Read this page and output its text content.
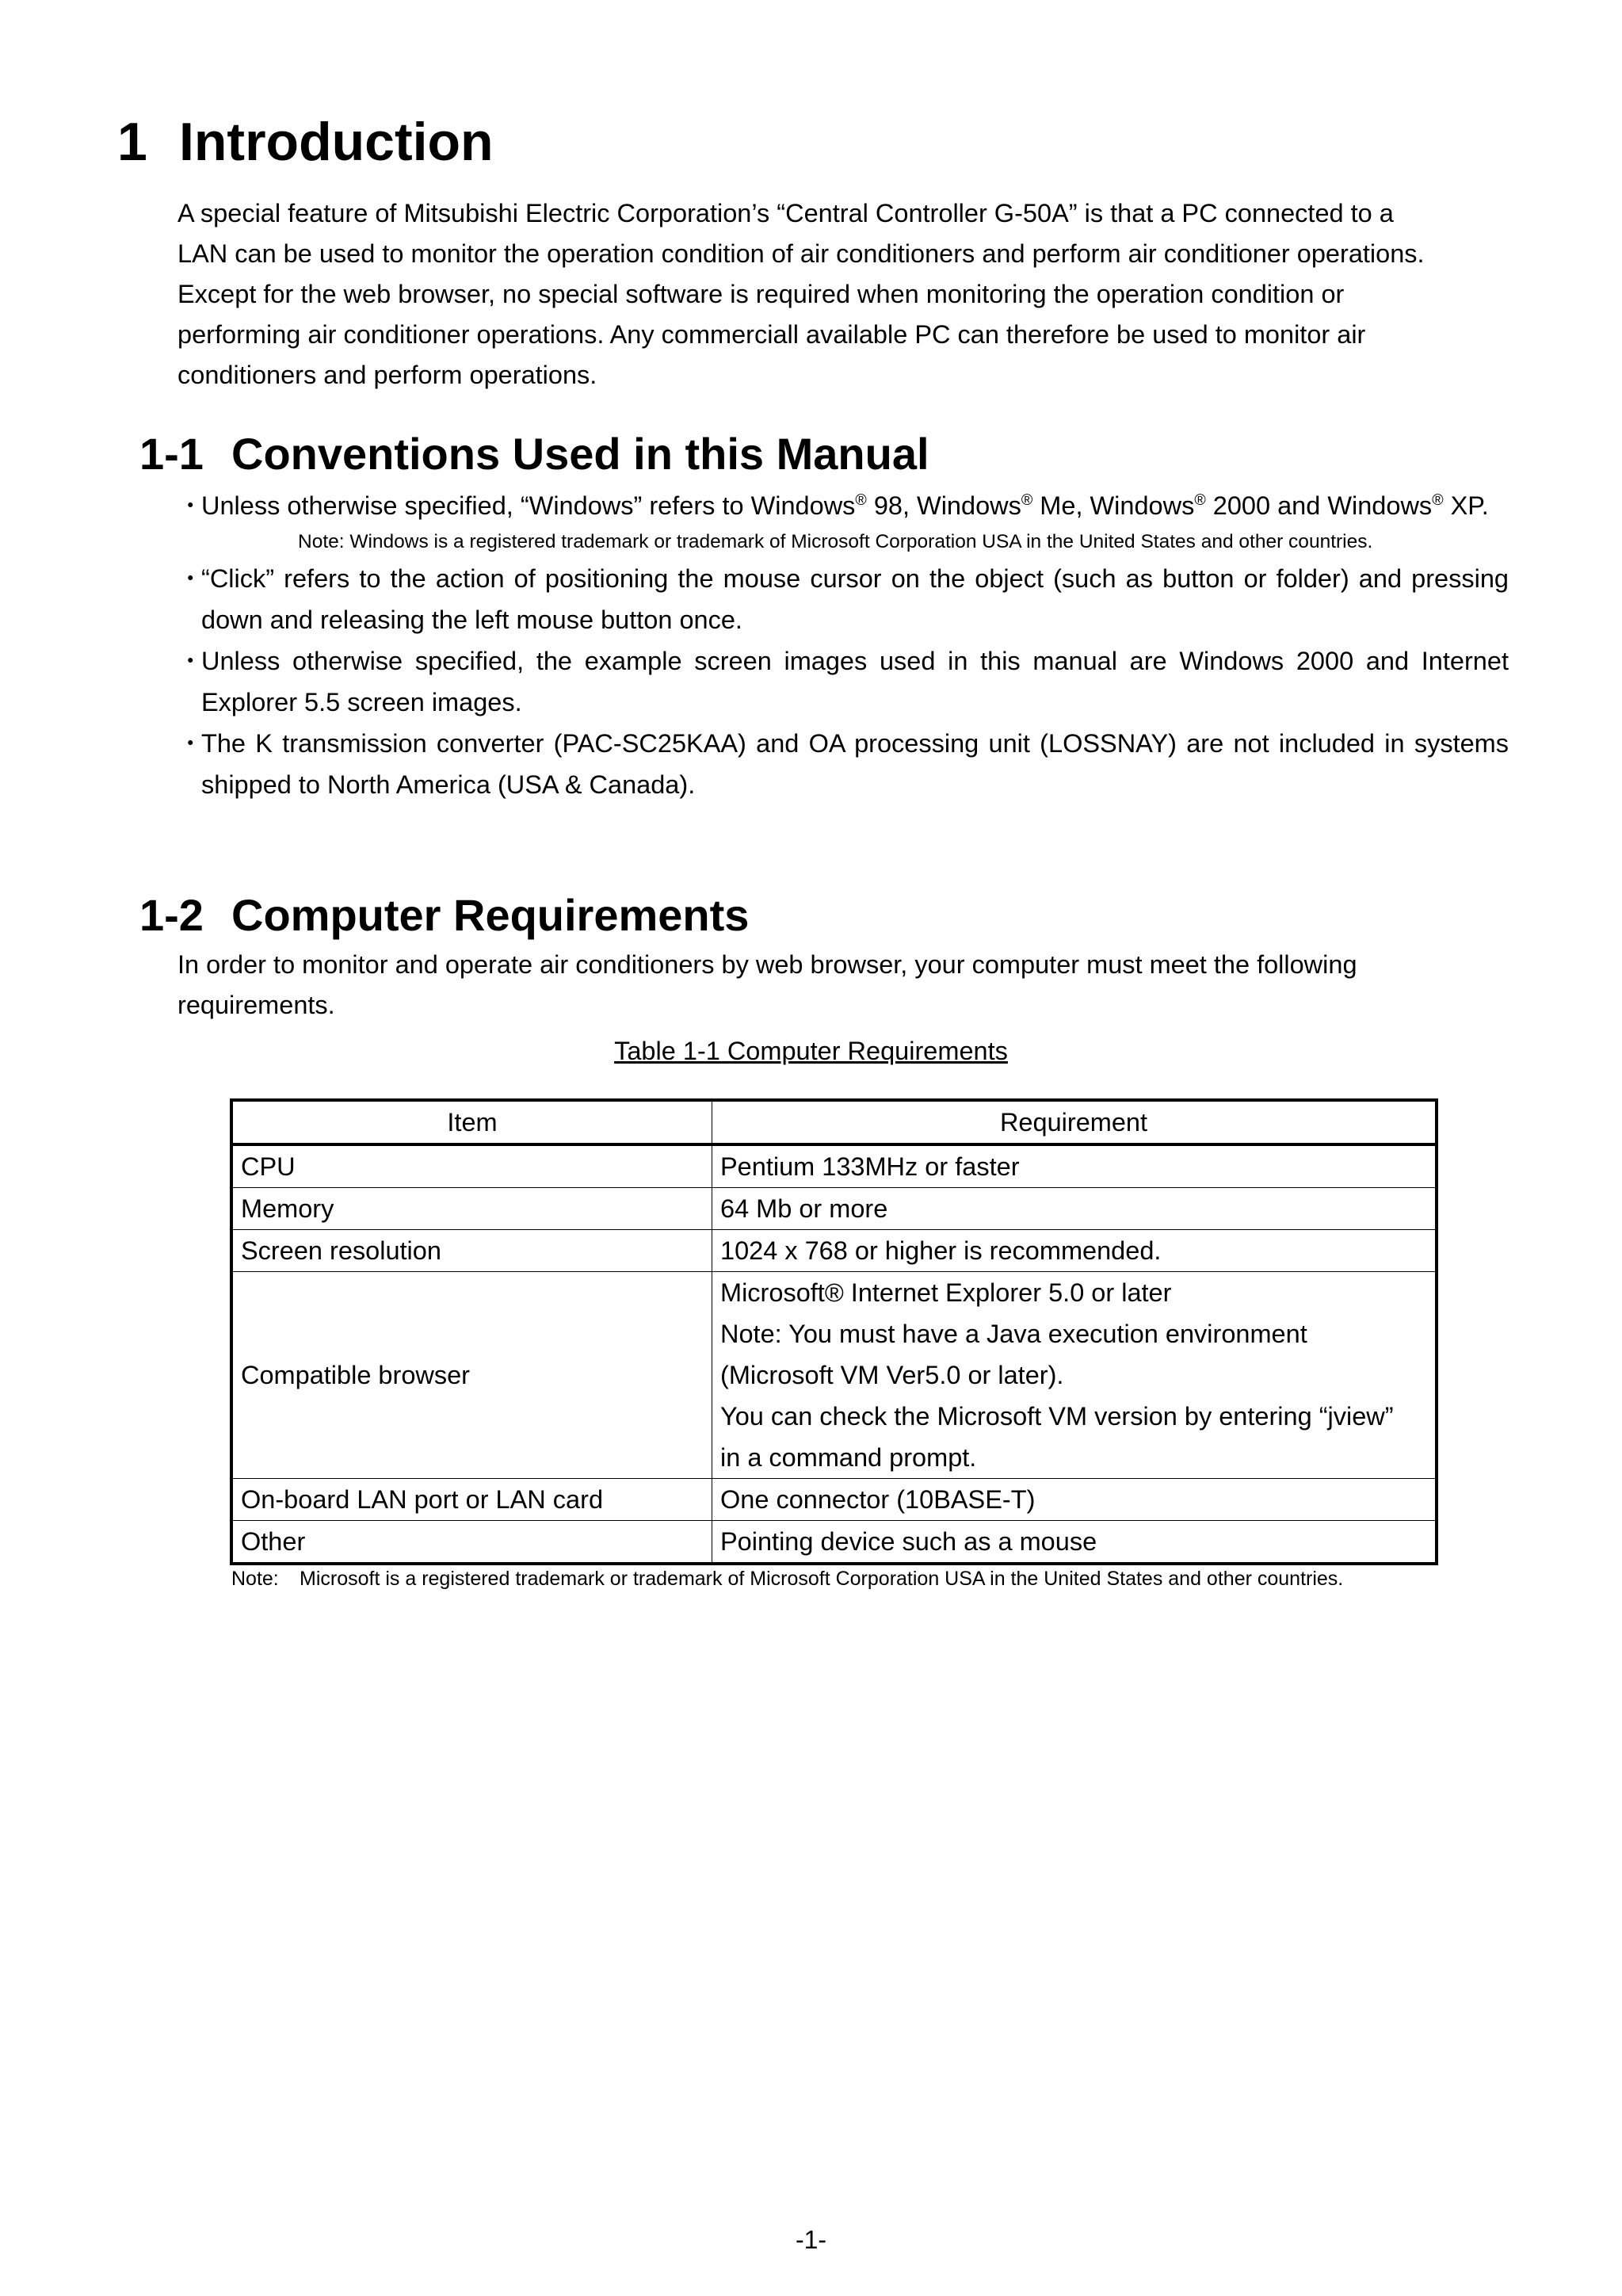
1 Introduction
A special feature of Mitsubishi Electric Corporation’s “Central Controller G-50A” is that a PC connected to a
LAN can be used to monitor the operation condition of air conditioners and perform air conditioner operations.
Except for the web browser, no special software is required when monitoring the operation condition or
performing air conditioner operations. Any commerciall available PC can therefore be used to monitor air
conditioners and perform operations.
1-1 Conventions Used in this Manual
・
Unless otherwise specified, “Windows” refers to Windows® 98, Windows® Me, Windows® 2000 and Windows® XP.
Note: Windows is a registered trademark or trademark of Microsoft Corporation USA in the United States and other countries.
・
“Click” refers to the action of positioning the mouse cursor on the object (such as button or folder) and pressing down and releasing the left mouse button once.
・
Unless otherwise specified, the example screen images used in this manual are Windows 2000 and Internet Explorer 5.5 screen images.
・
The K transmission converter (PAC-SC25KAA) and OA processing unit (LOSSNAY) are not included in systems shipped to North America (USA & Canada).
1-2 Computer Requirements
In order to monitor and operate air conditioners by web browser, your computer must meet the following
requirements.
Table 1-1 Computer Requirements
Item	Requirement
CPU	Pentium 133MHz or faster
Memory	64 Mb or more
Screen resolution	1024 x 768 or higher is recommended.
Compatible browser	Microsoft® Internet Explorer 5.0 or later
Note: You must have a Java execution environment
(Microsoft VM Ver5.0 or later).
You can check the Microsoft VM version by entering “jview”
in a command prompt.

On-board LAN port or LAN card	One connector (10BASE-T)
Other	Pointing device such as a mouse
Note: Microsoft is a registered trademark or trademark of Microsoft Corporation USA in the United States and other countries.
-1-
